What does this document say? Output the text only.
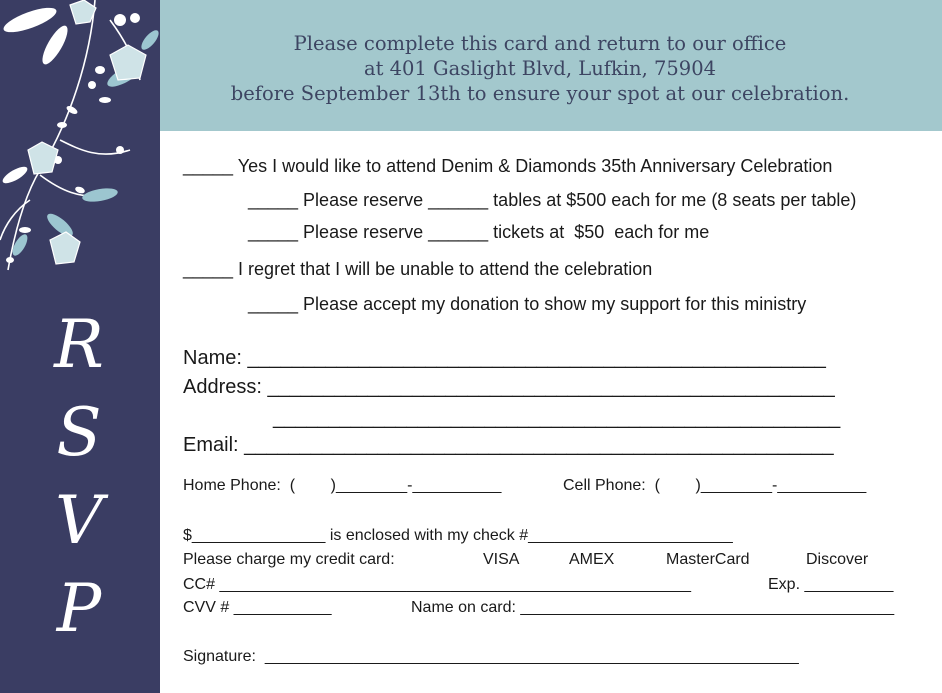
R
S
V
P
Please complete this card and return to our office
at 401 Gaslight Blvd, Lufkin, 75904
before September 13th to ensure your spot at our celebration.
_____ Yes I would like to attend Denim & Diamonds 35th Anniversary Celebration
_____ Please reserve ______ tables at $500 each for me (8 seats per table)
_____ Please reserve ______ tickets at  $50  each for me
_____ I regret that I will be unable to attend the celebration
_____ Please accept my donation to show my support for this ministry
Name: ____________________________________________________
Address: ___________________________________________________
___________________________________________________
Email: _____________________________________________________
Home Phone:  (        )________-__________	Cell Phone:  (        )________-__________
$_______________ is enclosed with my check #_______________________
Please charge my credit card:	VISA	AMEX	MasterCard	Discover
CC# _____________________________________________________	Exp. __________
CVV # ___________	Name on card: __________________________________________
Signature:  ____________________________________________________________
